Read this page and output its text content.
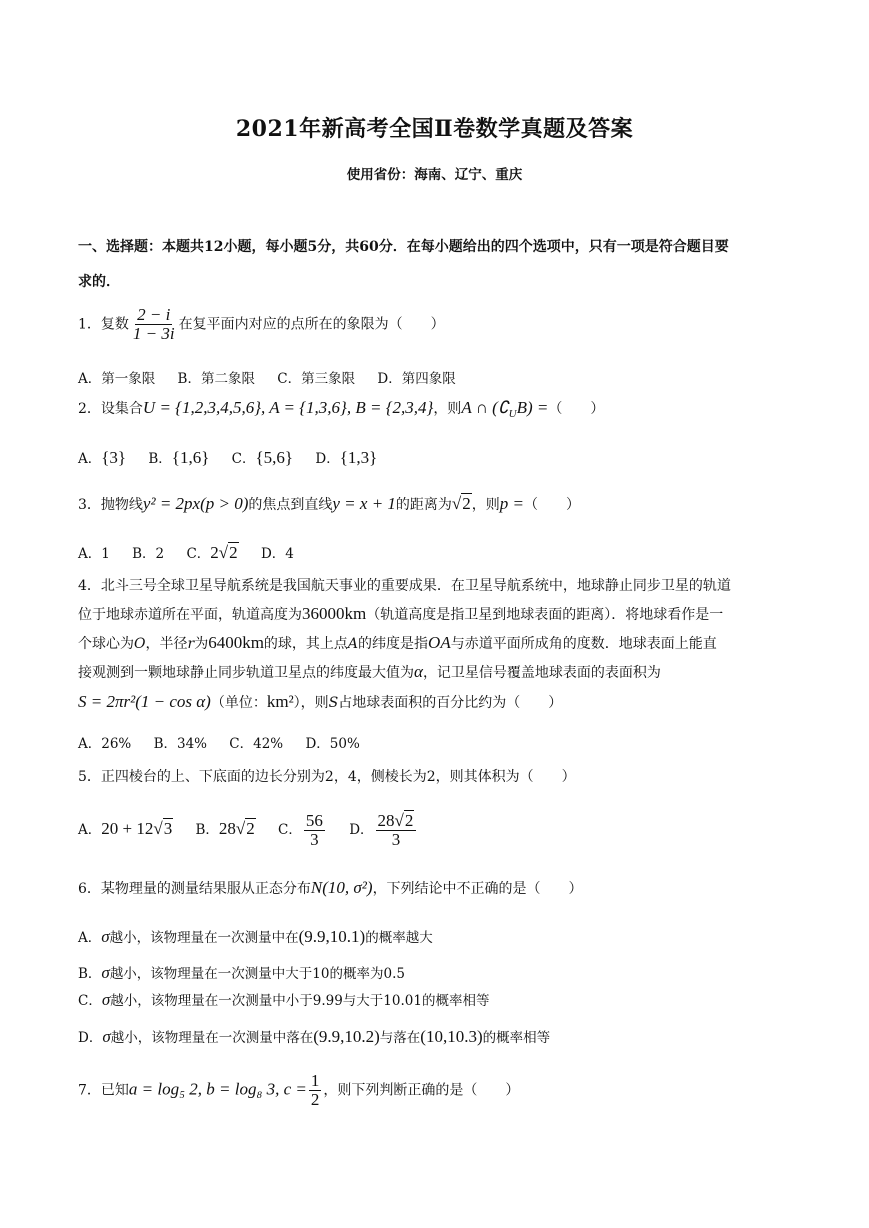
2021年新高考全国Ⅱ卷数学真题及答案
使用省份：海南、辽宁、重庆
一、选择题：本题共12小题，每小题5分，共60分．在每小题给出的四个选项中，只有一项是符合题目要
求的．
1．复数 $\frac{2 - i}{1 - 3i}$ 在复平面内对应的点所在的象限为（　　）
A．第一象限 B．第二象限 C．第三象限 D．第四象限
2．设集合U = {1,2,3,4,5,6}, A = {1,3,6}, B = {2,3,4}，则A ∩ $(∁_UB)$ =（　　）
A．{3} B．{1,6} C．{5,6} D．{1,3}
3．抛物线y² = 2px(p > 0)的焦点到直线y = x + 1的距离为√2，则p =（　　）
A．1 B．2 C．2√2 D．4
4．北斗三号全球卫星导航系统是我国航天事业的重要成果．在卫星导航系统中，地球静止同步卫星的轨道
位于地球赤道所在平面，轨道高度为36000km（轨道高度是指卫星到地球表面的距离）．将地球看作是一
个球心为O，半径r为6400km的球，其上点A的纬度是指OA与赤道平面所成角的度数．地球表面上能直
接观测到一颗地球静止同步轨道卫星点的纬度最大值为α，记卫星信号覆盖地球表面的表面积为
S = 2πr²(1 − cos α)（单位：km²），则S占地球表面积的百分比约为（　　）
A．26% B．34% C．42% D．50%
5．正四棱台的上、下底面的边长分别为2，4，侧棱长为2，则其体积为（　　）
A．20 + 12√3 B．28√2 C． $\frac{56}{3}$ D． $\frac{28√2}{3}$
6．某物理量的测量结果服从正态分布N(10, σ²)，下列结论中不正确的是（　　）
A．σ越小，该物理量在一次测量中在(9.9,10.1)的概率越大
B．σ越小，该物理量在一次测量中大于10的概率为0.5
C．σ越小，该物理量在一次测量中小于9.99与大于10.01的概率相等
D．σ越小，该物理量在一次测量中落在(9.9,10.2)与落在(10,10.3)的概率相等
7．已知a = log₅ 2, b = log₈ 3, $c = \frac{1}{2}$ ，则下列判断正确的是（　　）
